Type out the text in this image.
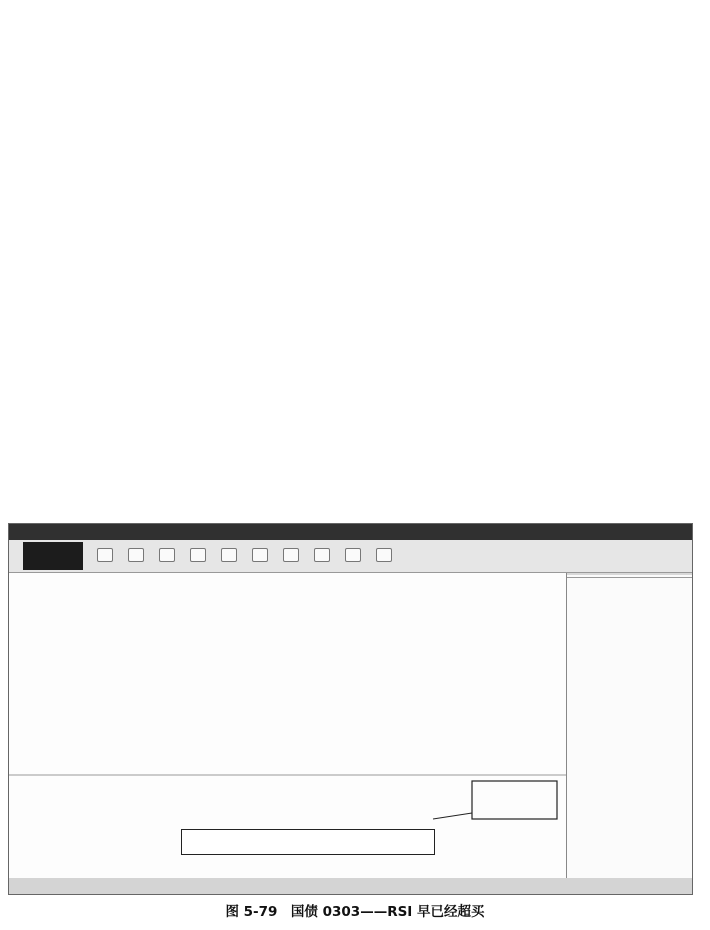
图 5-79　国债 0303——RSI 早已经超买
